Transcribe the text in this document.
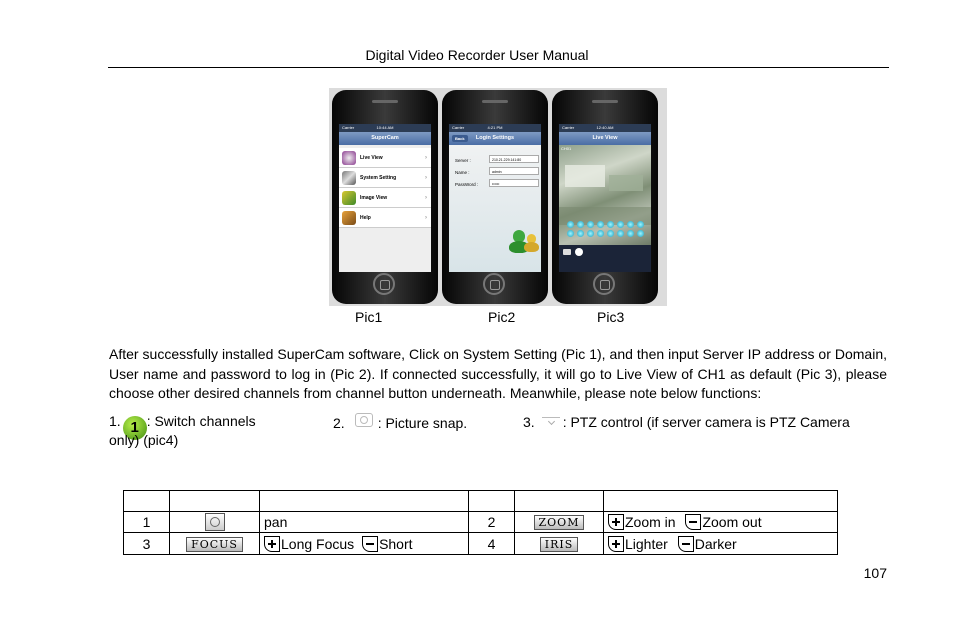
Digital Video Recorder User Manual
Carrier	10:44 AM
SuperCam
Live View	›
System Setting	›
Image View	›
Help	›
Carrier	4:21 PM
Back	Login Settings
Server :	210.21.229.141:80
Name :	admin
PassWord :	••••••
Carrier	12:40 AM
Live View
CH01
Pic1	Pic2	Pic3

After successfully installed SuperCam software, Click on System Setting (Pic 1), and then input Server IP address or Domain, User name and password to log in (Pic 2). If connected successfully, it will go to Live View of CH1 as default (Pic 3), please choose other desired channels from channel button underneath. Meanwhile, please note below functions:

1. 1 : Switch channels	2. : Picture snap.	3. : PTZ control (if server camera is PTZ Camera
only) (pic4)

1		pan	2	ZOOM	Zoom in Zoom out
3	FOCUS	Long Focus Short	4	IRIS	Lighter Darker
107
